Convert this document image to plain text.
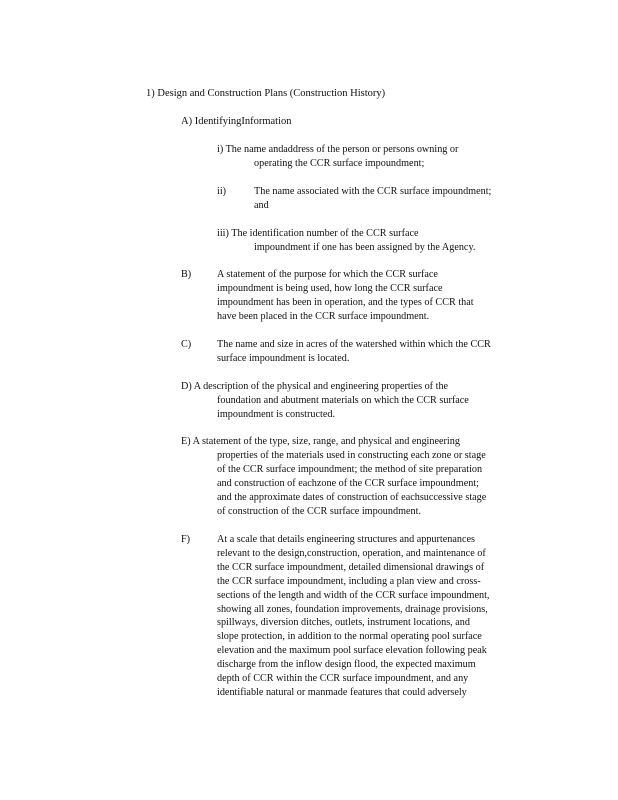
1) Design and Construction Plans (Construction History)
A) IdentifyingInformation
i) The name andaddress of the person or persons owning or
operating the CCR surface impoundment;
ii)	The name associated with the CCR surface impoundment;
and
iii) The identification number of the CCR surface
impoundment if one has been assigned by the Agency.
B)	A statement of the purpose for which the CCR surface
impoundment is being used, how long the CCR surface
impoundment has been in operation, and the types of CCR that
have been placed in the CCR surface impoundment.
C)	The name and size in acres of the watershed within which the CCR
surface impoundment is located.
D) A description of the physical and engineering properties of the
foundation and abutment materials on which the CCR surface
impoundment is constructed.
E) A statement of the type, size, range, and physical and engineering
properties of the materials used in constructing each zone or stage
of the CCR surface impoundment; the method of site preparation
and construction of eachzone of the CCR surface impoundment;
and the approximate dates of construction of eachsuccessive stage
of construction of the CCR surface impoundment.
F)	At a scale that details engineering structures and appurtenances
relevant to the design,construction, operation, and maintenance of
the CCR surface impoundment, detailed dimensional drawings of
the CCR surface impoundment, including a plan view and cross-
sections of the length and width of the CCR surface impoundment,
showing all zones, foundation improvements, drainage provisions,
spillways, diversion ditches, outlets, instrument locations, and
slope protection, in addition to the normal operating pool surface
elevation and the maximum pool surface elevation following peak
discharge from the inflow design flood, the expected maximum
depth of CCR within the CCR surface impoundment, and any
identifiable natural or manmade features that could adversely
